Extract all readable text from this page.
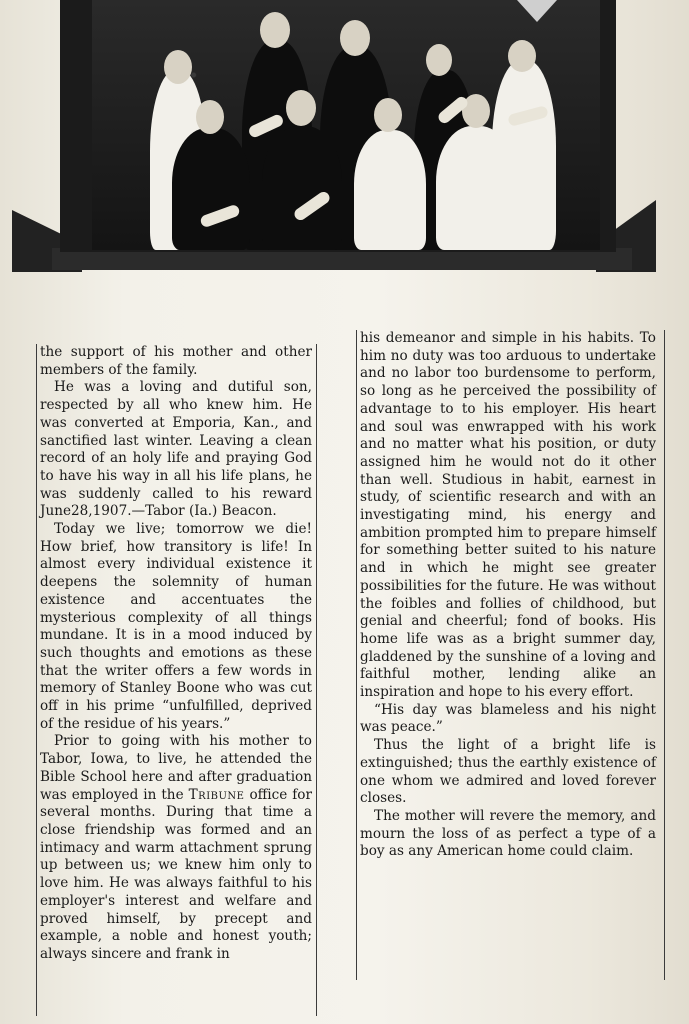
the support of his mother and other members of the family.

He was a loving and dutiful son, respected by all who knew him. He was converted at Emporia, Kan., and sanctified last winter. Leaving a clean record of an holy life and praying God to have his way in all his life plans, he was suddenly called to his reward June28,1907.—Tabor (Ia.) Beacon.

Today we live; tomorrow we die! How brief, how transitory is life! In almost every individual existence it deepens the solemnity of human existence and accentuates the mysterious complexity of all things mundane. It is in a mood induced by such thoughts and emotions as these that the writer offers a few words in memory of Stanley Boone who was cut off in his prime “unfulfilled, deprived of the residue of his years.”

Prior to going with his mother to Tabor, Iowa, to live, he attended the Bible School here and after graduation was employed in the Tribune office for several months. During that time a close friendship was formed and an intimacy and warm attachment sprung up between us; we knew him only to love him. He was always faithful to his employer's interest and welfare and proved himself, by precept and example, a noble and honest youth; always sincere and frank in

his demeanor and simple in his habits. To him no duty was too arduous to undertake and no labor too burdensome to perform, so long as he perceived the possibility of advantage to to his employer. His heart and soul was enwrapped with his work and no matter what his position, or duty assigned him he would not do it other than well. Studious in habit, earnest in study, of scientific research and with an investigating mind, his energy and ambition prompted him to prepare himself for something better suited to his nature and in which he might see greater possibilities for the future. He was without the foibles and follies of childhood, but genial and cheerful; fond of books. His home life was as a bright summer day, gladdened by the sunshine of a loving and faithful mother, lending alike an inspiration and hope to his every effort.

“His day was blameless and his night was peace.”

Thus the light of a bright life is extinguished; thus the earthly existence of one whom we admired and loved forever closes.

The mother will revere the memory, and mourn the loss of as perfect a type of a boy as any American home could claim.
